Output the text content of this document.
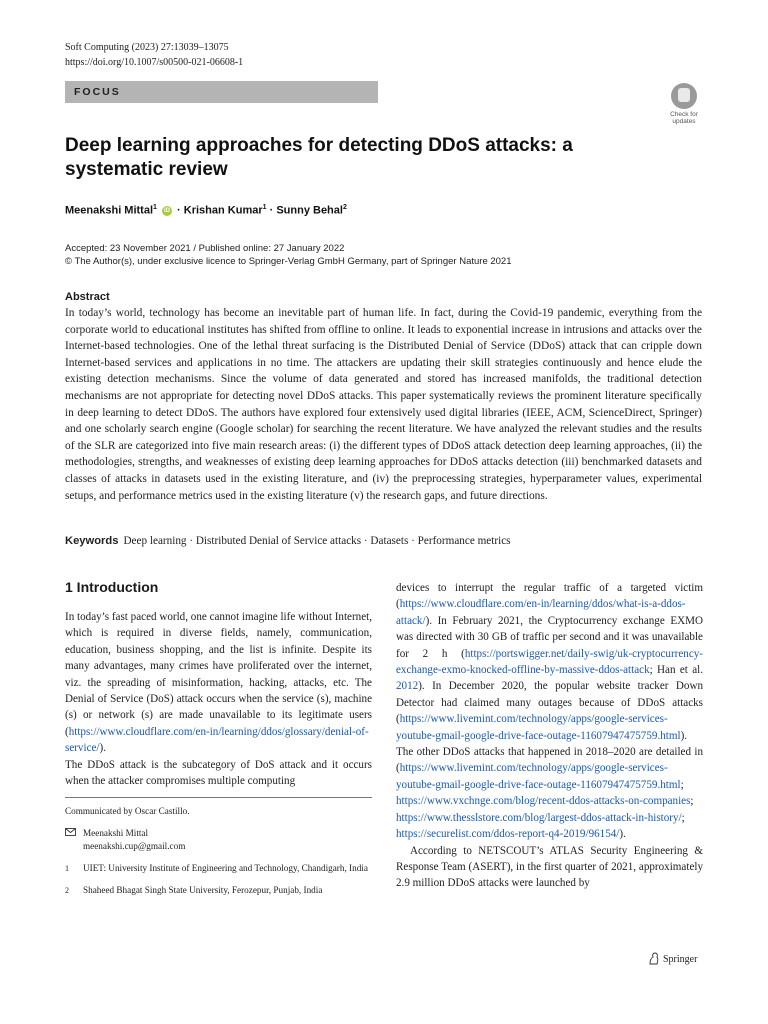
Soft Computing (2023) 27:13039–13075
https://doi.org/10.1007/s00500-021-06608-1
FOCUS
Check for
updates
Deep learning approaches for detecting DDoS attacks: a systematic review
Meenakshi Mittal$^1$ iD · Krishan Kumar$^1$ · Sunny Behal$^2$
Accepted: 23 November 2021 / Published online: 27 January 2022
© The Author(s), under exclusive licence to Springer-Verlag GmbH Germany, part of Springer Nature 2021
Abstract
In today’s world, technology has become an inevitable part of human life. In fact, during the Covid-19 pandemic, everything from the corporate world to educational institutes has shifted from offline to online. It leads to exponential increase in intrusions and attacks over the Internet-based technologies. One of the lethal threat surfacing is the Distributed Denial of Service (DDoS) attack that can cripple down Internet-based services and applications in no time. The attackers are updating their skill strategies continuously and hence elude the existing detection mechanisms. Since the volume of data generated and stored has increased manifolds, the traditional detection mechanisms are not appropriate for detecting novel DDoS attacks. This paper systematically reviews the prominent literature specifically in deep learning to detect DDoS. The authors have explored four extensively used digital libraries (IEEE, ACM, ScienceDirect, Springer) and one scholarly search engine (Google scholar) for searching the recent literature. We have analyzed the relevant studies and the results of the SLR are categorized into five main research areas: (i) the different types of DDoS attack detection deep learning approaches, (ii) the methodologies, strengths, and weaknesses of existing deep learning approaches for DDoS attacks detection (iii) benchmarked datasets and classes of attacks in datasets used in the existing literature, and (iv) the preprocessing strategies, hyperparameter values, experimental setups, and performance metrics used in the existing literature (v) the research gaps, and future directions.
Keywords Deep learning · Distributed Denial of Service attacks · Datasets · Performance metrics
1 Introduction

In today’s fast paced world, one cannot imagine life without Internet, which is required in diverse fields, namely, communication, education, business shopping, and the list is infinite. Despite its many advantages, many crimes have proliferated over the internet, viz. the spreading of misinformation, hacking, attacks, etc. The Denial of Service (DoS) attack occurs when the service (s), machine (s) or network (s) are made unavailable to its legitimate users (https://www.cloudflare.com/en-in/learning/ddos/glossary/denial-of-service/).

The DDoS attack is the subcategory of DoS attack and it occurs when the attacker compromises multiple computing

devices to interrupt the regular traffic of a targeted victim (https://www.cloudflare.com/en-in/learning/ddos/what-is-a-ddos-attack/). In February 2021, the Cryptocurrency exchange EXMO was directed with 30 GB of traffic per second and it was unavailable for 2 h (https://portswigger.net/daily-swig/uk-cryptocurrency-exchange-exmo-knocked-offline-by-massive-ddos-attack; Han et al. 2012). In December 2020, the popular website tracker Down Detector had claimed many outages because of DDoS attacks (https://www.livemint.com/technology/apps/google-services-youtube-gmail-google-drive-face-outage-11607947475759.html). The other DDoS attacks that happened in 2018–2020 are detailed in (https://www.livemint.com/technology/apps/google-services-youtube-gmail-google-drive-face-outage-11607947475759.html; https://www.vxchnge.com/blog/recent-ddos-attacks-on-companies; https://www.thesslstore.com/blog/largest-ddos-attack-in-history/; https://securelist.com/ddos-report-q4-2019/96154/).

According to NETSCOUT’s ATLAS Security Engineering & Response Team (ASERT), in the first quarter of 2021, approximately 2.9 million DDoS attacks were launched by

Communicated by Oscar Castillo.
Meenakshi Mittal
meenakshi.cup@gmail.com
1 UIET: University Institute of Engineering and Technology, Chandigarh, India
2 Shaheed Bhagat Singh State University, Ferozepur, Punjab, India
Springer
